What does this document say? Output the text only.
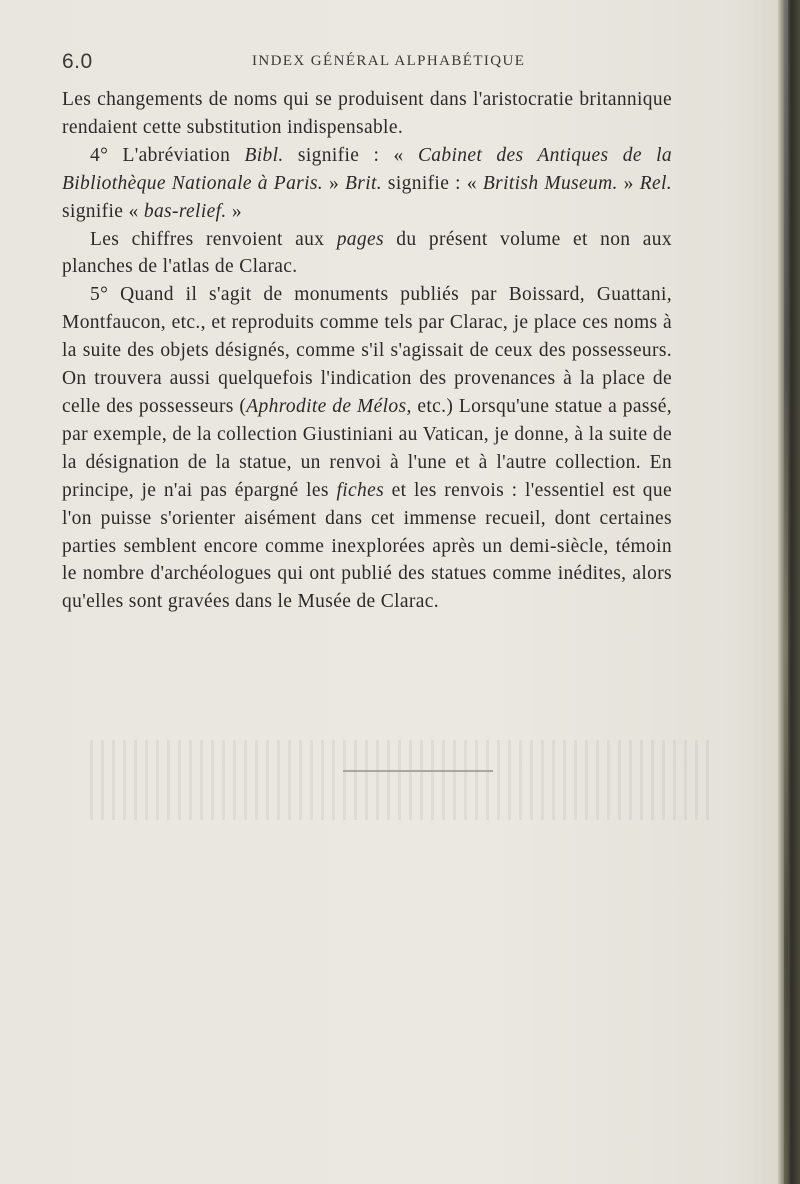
6.0	INDEX GÉNÉRAL ALPHABÉTIQUE

Les changements de noms qui se produisent dans l'aristocratie britannique rendaient cette substitution indispensable.

4° L'abréviation Bibl. signifie : « Cabinet des Antiques de la Bibliothèque Nationale à Paris. » Brit. signifie : « British Museum. » Rel. signifie « bas-relief. »

Les chiffres renvoient aux pages du présent volume et non aux planches de l'atlas de Clarac.

5° Quand il s'agit de monuments publiés par Boissard, Guattani, Montfaucon, etc., et reproduits comme tels par Clarac, je place ces noms à la suite des objets désignés, comme s'il s'agissait de ceux des possesseurs. On trouvera aussi quelquefois l'indication des provenances à la place de celle des possesseurs (Aphrodite de Mélos, etc.) Lorsqu'une statue a passé, par exemple, de la collection Giustiniani au Vatican, je donne, à la suite de la désignation de la statue, un renvoi à l'une et à l'autre collection. En principe, je n'ai pas épargné les fiches et les renvois : l'essentiel est que l'on puisse s'orienter aisément dans cet immense recueil, dont certaines parties semblent encore comme inexplorées après un demi-siècle, témoin le nombre d'archéologues qui ont publié des statues comme inédites, alors qu'elles sont gravées dans le Musée de Clarac.
